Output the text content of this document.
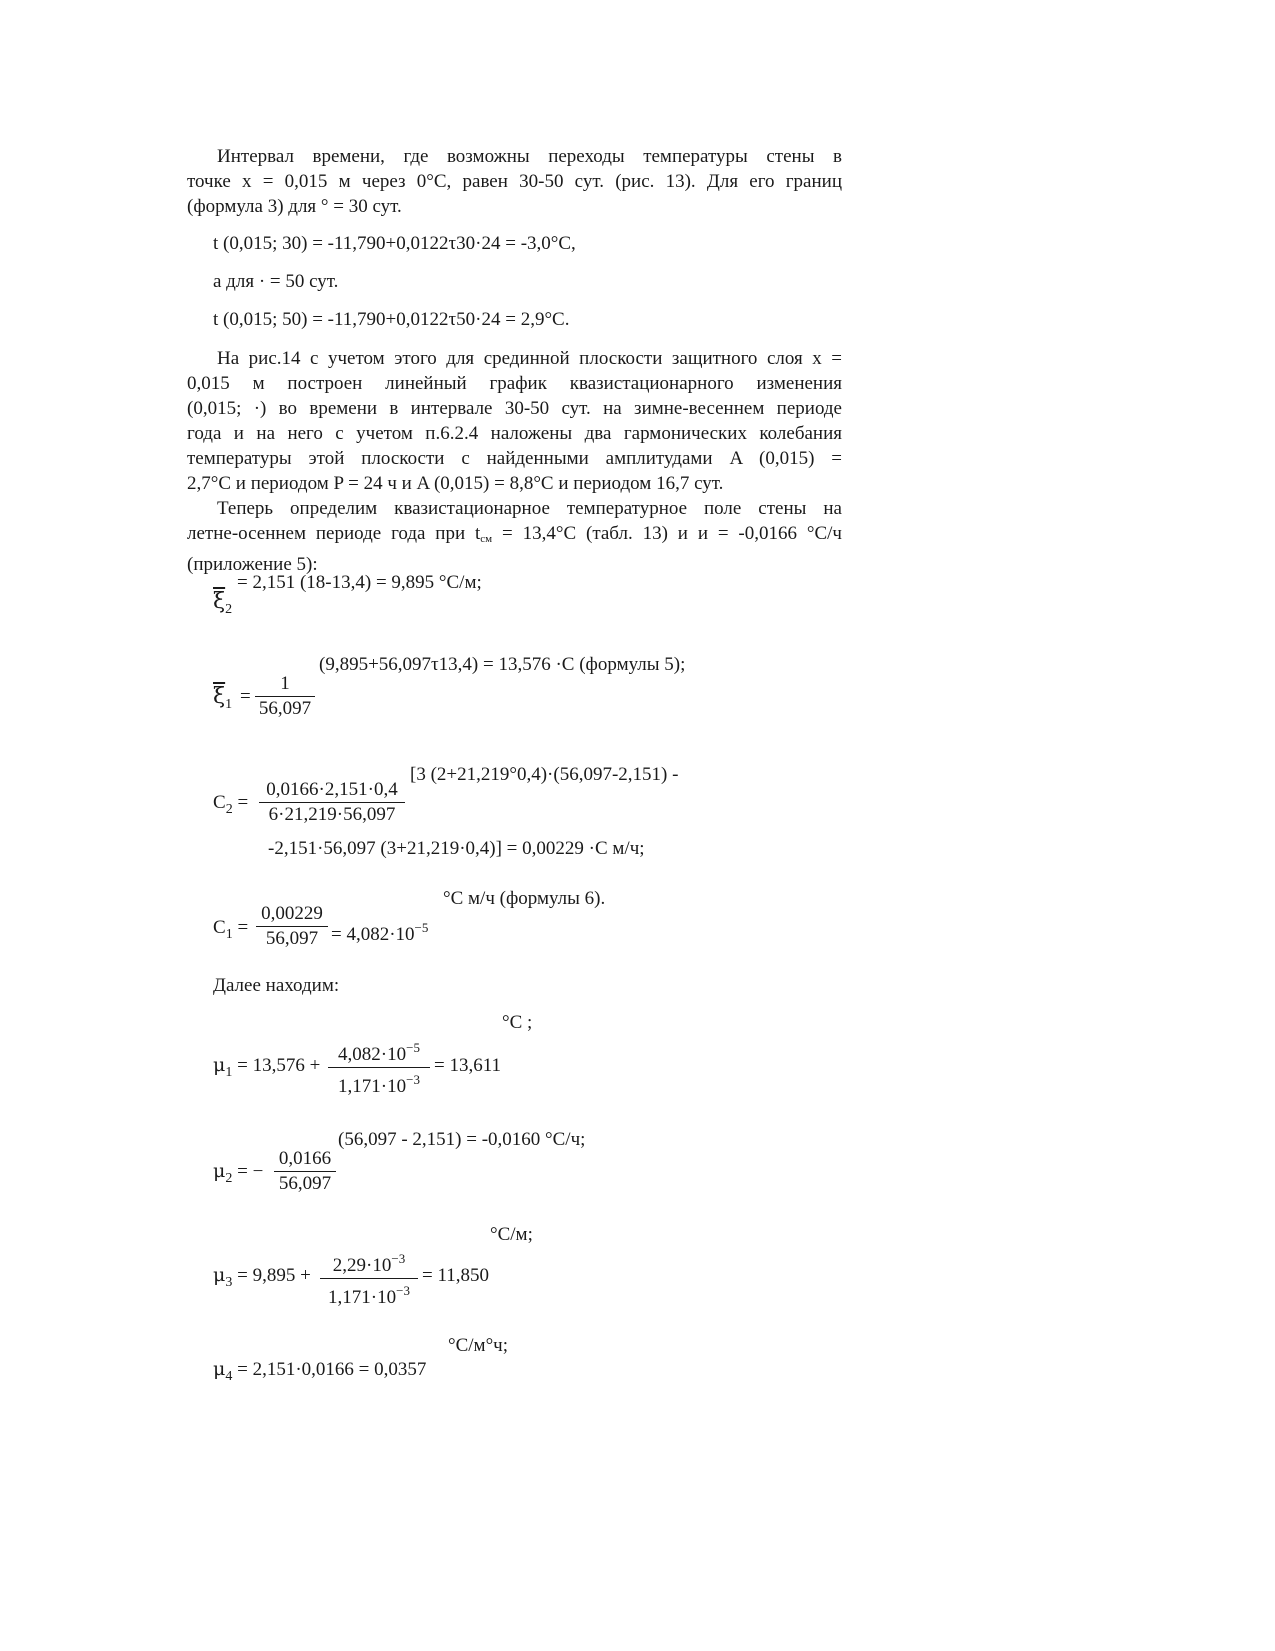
Интервал времени, где возможны переходы температуры стены в
точке x = 0,015 м через 0°С, равен 30-50 сут. (рис. 13). Для его границ
(формула 3) для ° = 30 сут.
t (0,015; 30) = -11,790+0,0122τ30·24 = -3,0°С,
а для · = 50 сут.
t (0,015; 50) = -11,790+0,0122τ50·24 = 2,9°С.
На рис.14 с учетом этого для срединной плоскости защитного слоя x =
0,015 м построен линейный график квазистационарного изменения
(0,015; ·) во времени в интервале 30-50 сут. на зимне-весеннем периоде
года и на него с учетом п.6.2.4 наложены два гармонических колебания
температуры этой плоскости с найденными амплитудами A (0,015) =
2,7°С и периодом P = 24 ч и A (0,015) = 8,8°С и периодом 16,7 сут.
Теперь определим квазистационарное температурное поле стены на
летне-осеннем периоде года при $t_{см} = 13,4^\circ С$ (табл. 13) и и = -0,0166 °С/ч
(приложение 5):
$\overline{\xi}_2$
= 2,151 (18-13,4) = 9,895 °С/м;
$\overline{\xi}_1$ =
1
56,097
(9,895+56,097τ13,4) = 13,576 ·С (формулы 5);
$C_2$ =
0,0166·2,151·0,4
6·21,219·56,097
[3 (2+21,219°0,4)·(56,097-2,151) -
-2,151·56,097 (3+21,219·0,4)] = 0,00229 ·С м/ч;
$C_1$ =
0,00229
$56,097 = 4,082\cdot 10^{-5}$
°С м/ч (формулы 6).
Далее находим:
$\mu_1 = 13,576$ +
$4,082\cdot 10^{-5}$
$1,171\cdot 10^{-3}$
= 13,611
°С ;
$\mu_2$ = −
0,0166
56,097
(56,097 - 2,151) = -0,0160 °С/ч;
$\mu_3 = 9,895$ +	$2,29\cdot 10^{-3}$
$1,171\cdot 10^{-3}$
= 11,850
°С/м;
$\mu_4 = 2,151\cdot 0,0166 = 0,0357$
°С/м°ч;
